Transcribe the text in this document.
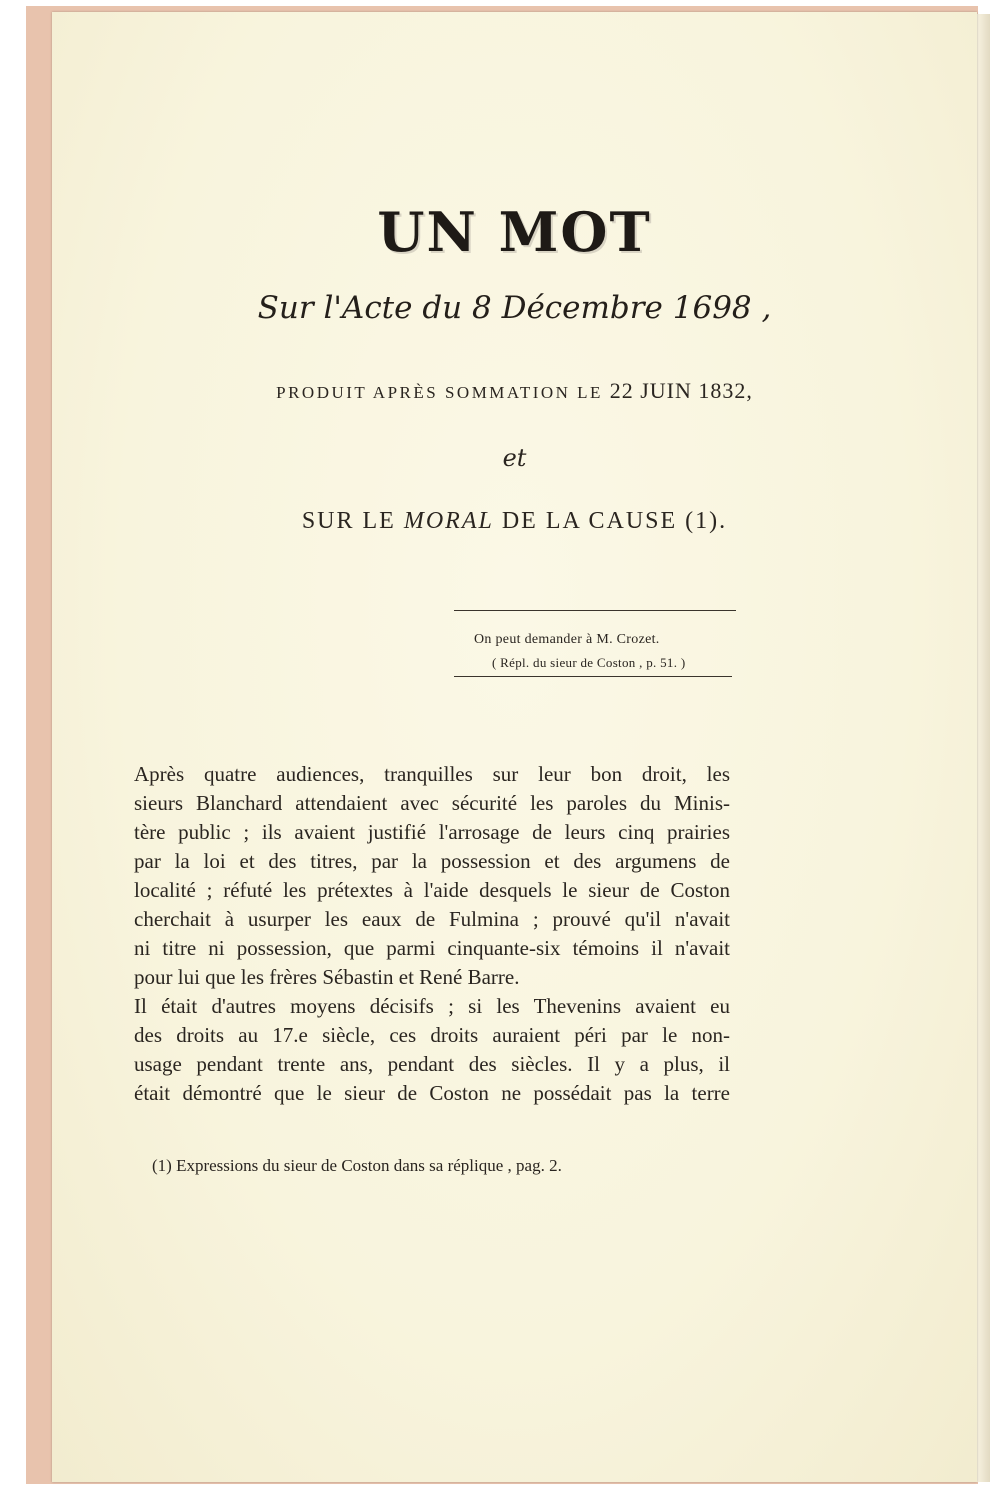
UN MOT
Sur l'Acte du 8 Décembre 1698 ,
PRODUIT APRÈS SOMMATION LE 22 JUIN 1832,
et
SUR LE MORAL DE LA CAUSE (1).
On peut demander à M. Crozet.
( Répl. du sieur de Coston , p. 51. )
Après quatre audiences, tranquilles sur leur bon droit, les
sieurs Blanchard attendaient avec sécurité les paroles du Minis-
tère public ; ils avaient justifié l'arrosage de leurs cinq prairies
par la loi et des titres, par la possession et des argumens de
localité ; réfuté les prétextes à l'aide desquels le sieur de Coston
cherchait à usurper les eaux de Fulmina ; prouvé qu'il n'avait
ni titre ni possession, que parmi cinquante-six témoins il n'avait
pour lui que les frères Sébastin et René Barre.
Il était d'autres moyens décisifs ; si les Thevenins avaient eu
des droits au 17.e siècle, ces droits auraient péri par le non-
usage pendant trente ans, pendant des siècles. Il y a plus, il
était démontré que le sieur de Coston ne possédait pas la terre
(1) Expressions du sieur de Coston dans sa réplique , pag. 2.
